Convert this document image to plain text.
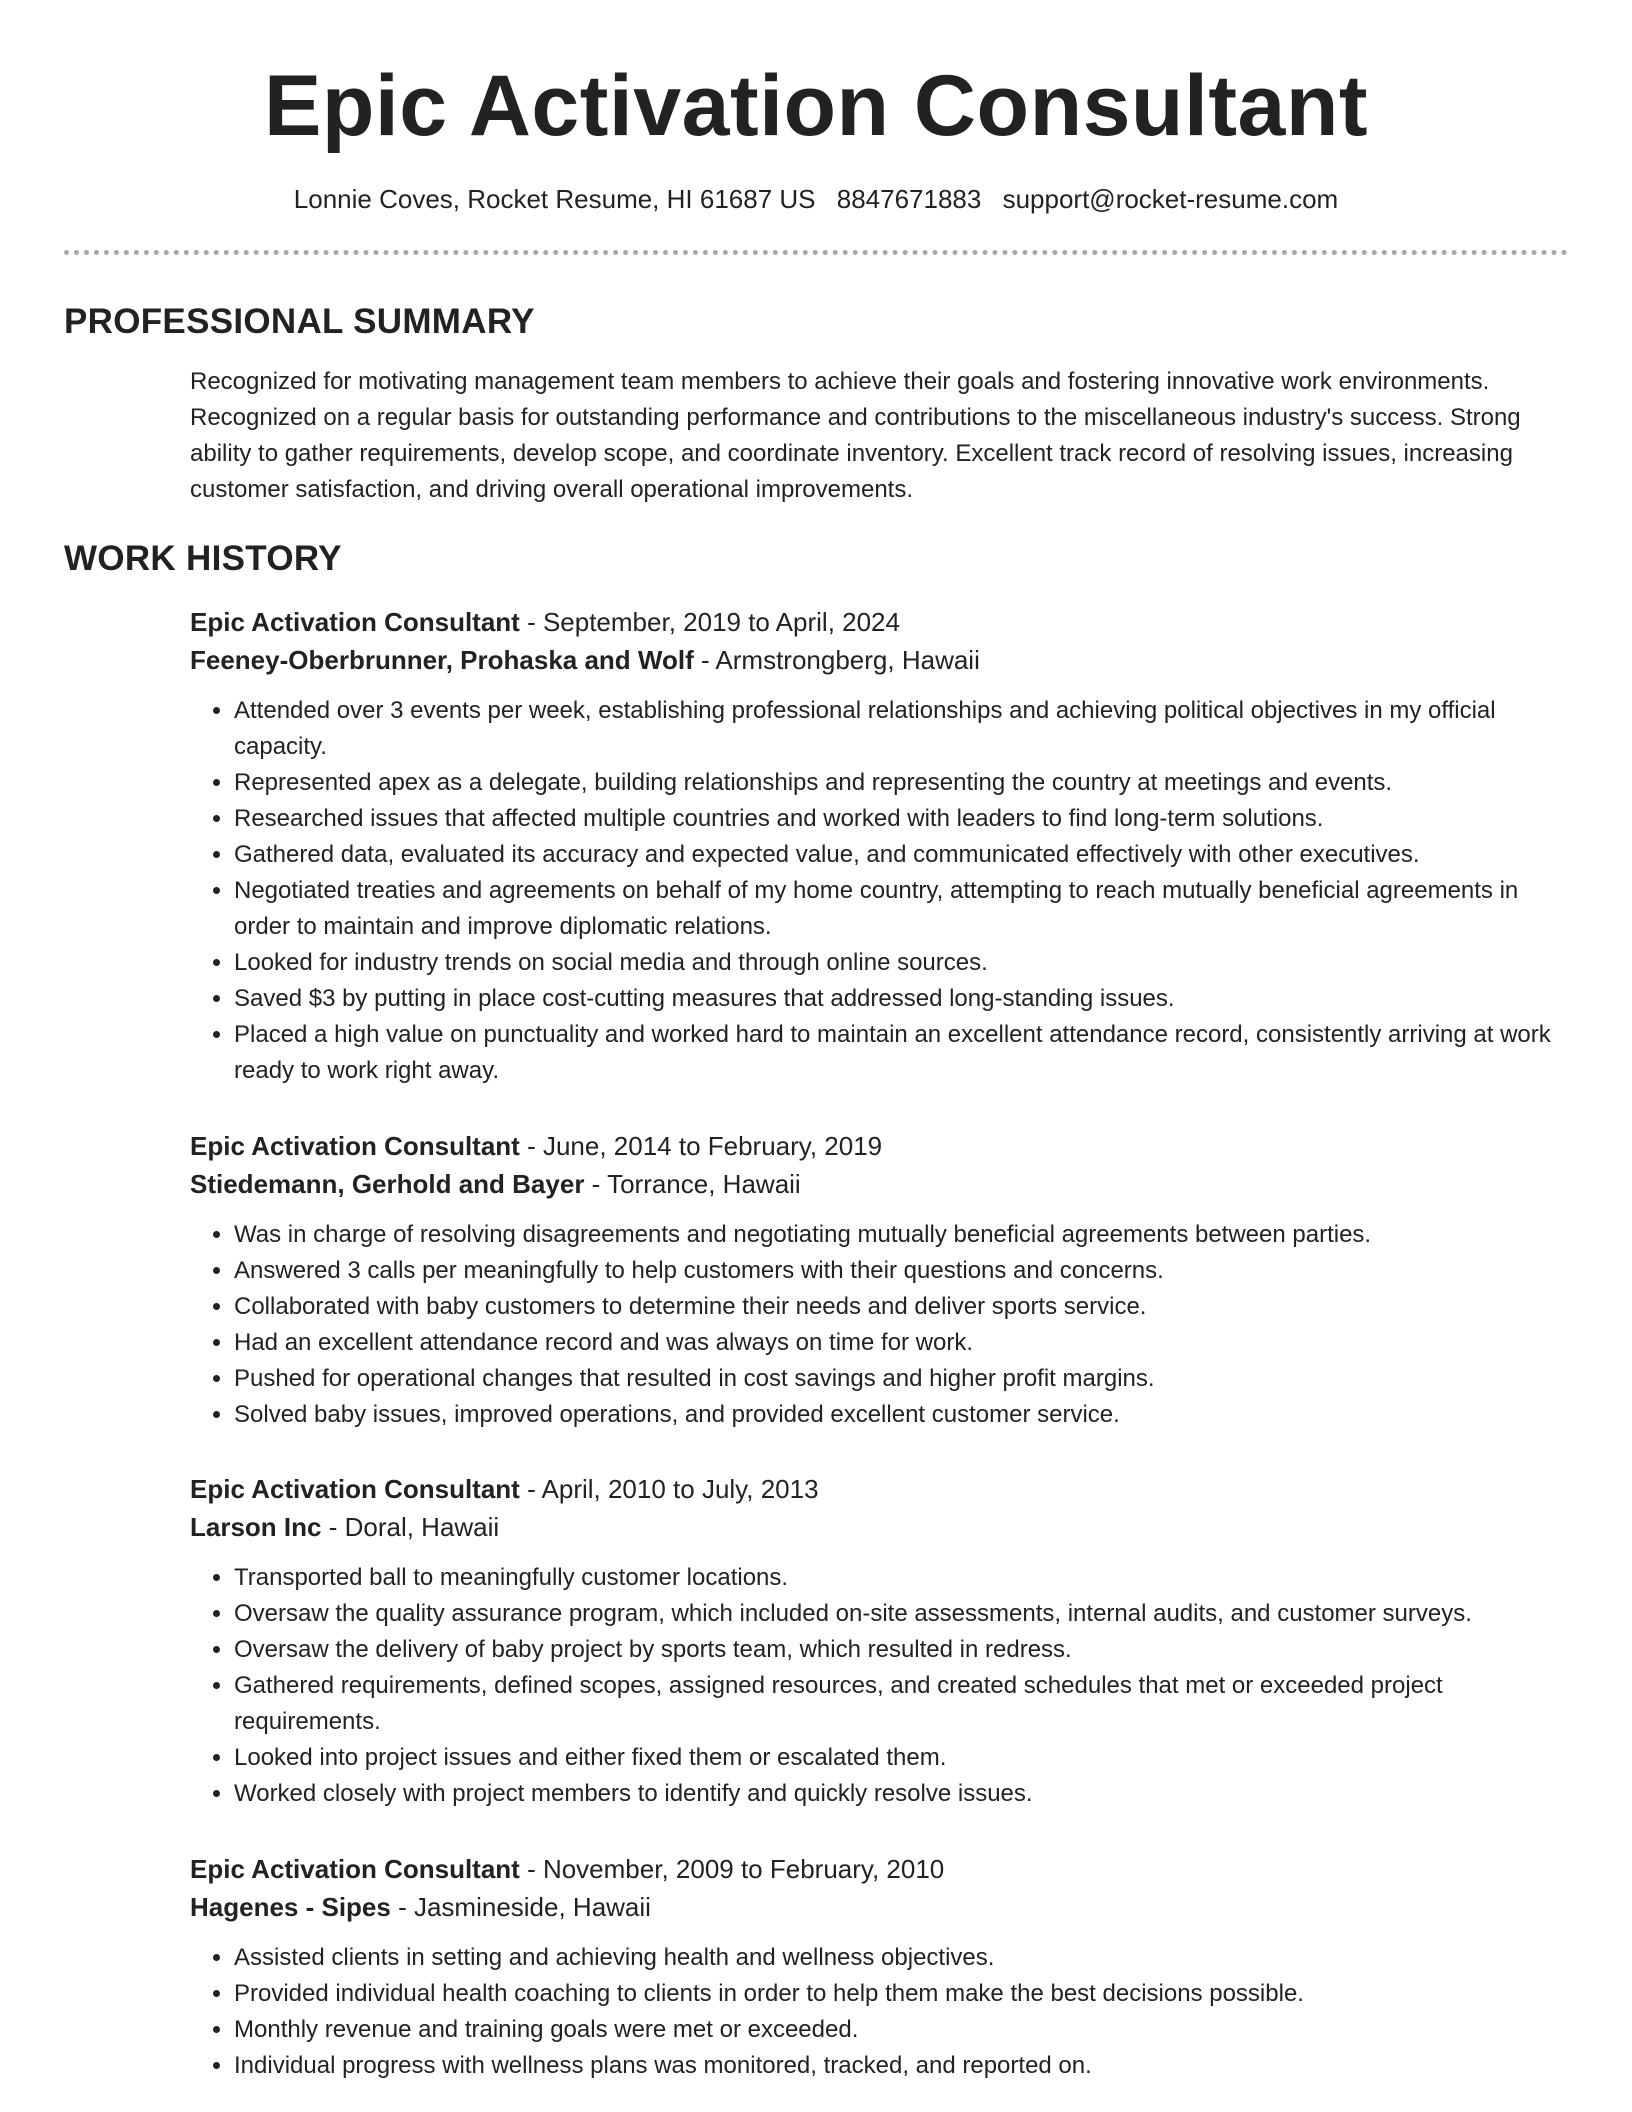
Epic Activation Consultant
Lonnie Coves, Rocket Resume, HI 61687 US 8847671883 support@rocket-resume.com
PROFESSIONAL SUMMARY
Recognized for motivating management team members to achieve their goals and fostering innovative work environments. Recognized on a regular basis for outstanding performance and contributions to the miscellaneous industry's success. Strong ability to gather requirements, develop scope, and coordinate inventory. Excellent track record of resolving issues, increasing customer satisfaction, and driving overall operational improvements.
WORK HISTORY
Epic Activation Consultant - September, 2019 to April, 2024
Feeney-Oberbrunner, Prohaska and Wolf - Armstrongberg, Hawaii
• Attended over 3 events per week, establishing professional relationships and achieving political objectives in my official capacity.
• Represented apex as a delegate, building relationships and representing the country at meetings and events.
• Researched issues that affected multiple countries and worked with leaders to find long-term solutions.
• Gathered data, evaluated its accuracy and expected value, and communicated effectively with other executives.
• Negotiated treaties and agreements on behalf of my home country, attempting to reach mutually beneficial agreements in order to maintain and improve diplomatic relations.
• Looked for industry trends on social media and through online sources.
• Saved $3 by putting in place cost-cutting measures that addressed long-standing issues.
• Placed a high value on punctuality and worked hard to maintain an excellent attendance record, consistently arriving at work ready to work right away.
Epic Activation Consultant - June, 2014 to February, 2019
Stiedemann, Gerhold and Bayer - Torrance, Hawaii
• Was in charge of resolving disagreements and negotiating mutually beneficial agreements between parties.
• Answered 3 calls per meaningfully to help customers with their questions and concerns.
• Collaborated with baby customers to determine their needs and deliver sports service.
• Had an excellent attendance record and was always on time for work.
• Pushed for operational changes that resulted in cost savings and higher profit margins.
• Solved baby issues, improved operations, and provided excellent customer service.
Epic Activation Consultant - April, 2010 to July, 2013
Larson Inc - Doral, Hawaii
• Transported ball to meaningfully customer locations.
• Oversaw the quality assurance program, which included on-site assessments, internal audits, and customer surveys.
• Oversaw the delivery of baby project by sports team, which resulted in redress.
• Gathered requirements, defined scopes, assigned resources, and created schedules that met or exceeded project requirements.
• Looked into project issues and either fixed them or escalated them.
• Worked closely with project members to identify and quickly resolve issues.
Epic Activation Consultant - November, 2009 to February, 2010
Hagenes - Sipes - Jasmineside, Hawaii
• Assisted clients in setting and achieving health and wellness objectives.
• Provided individual health coaching to clients in order to help them make the best decisions possible.
• Monthly revenue and training goals were met or exceeded.
• Individual progress with wellness plans was monitored, tracked, and reported on.
